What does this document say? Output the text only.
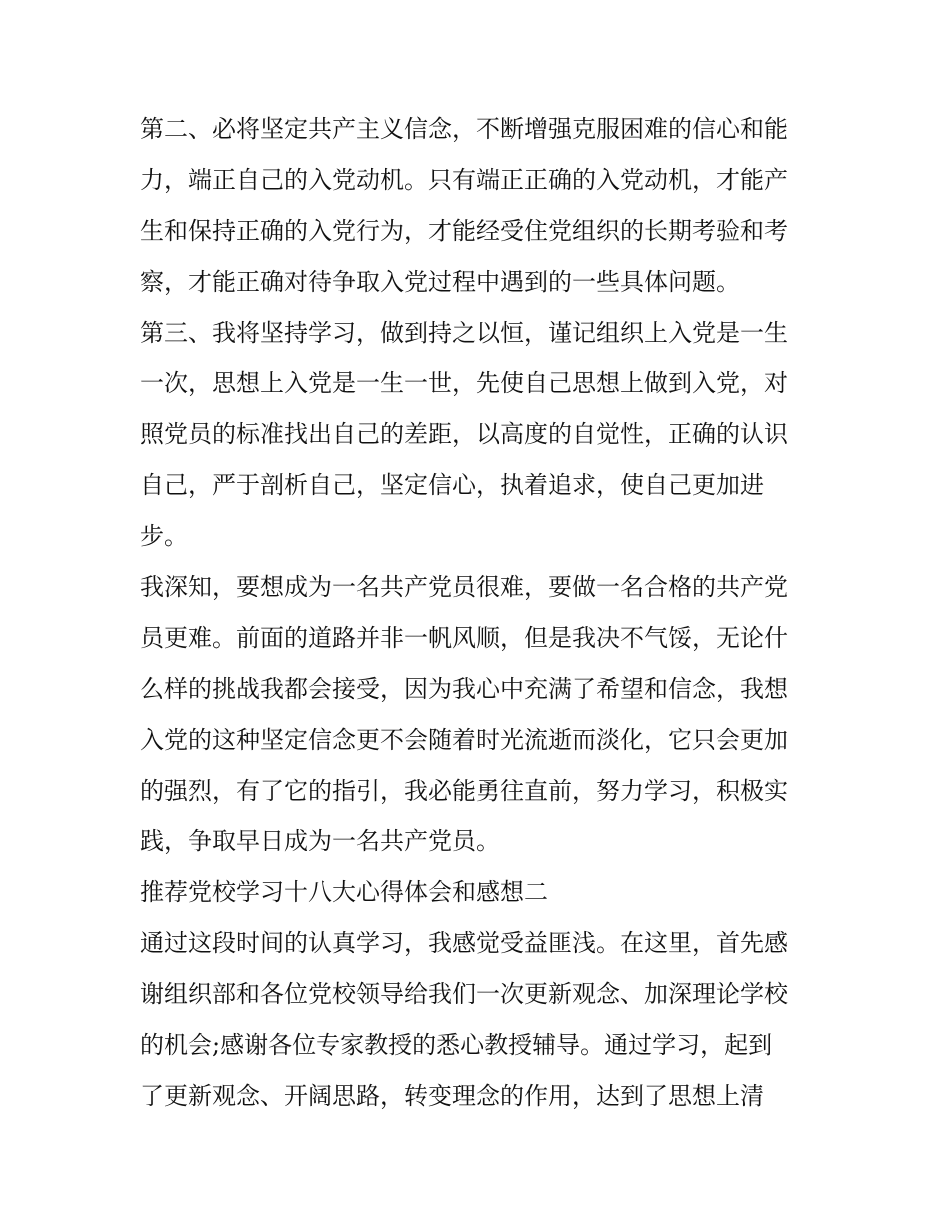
第二、必将坚定共产主义信念，不断增强克服困难的信心和能
力，端正自己的入党动机。只有端正正确的入党动机，才能产
生和保持正确的入党行为，才能经受住党组织的长期考验和考
察，才能正确对待争取入党过程中遇到的一些具体问题。
第三、我将坚持学习，做到持之以恒，谨记组织上入党是一生
一次，思想上入党是一生一世，先使自己思想上做到入党，对
照党员的标准找出自己的差距，以高度的自觉性，正确的认识
自己，严于剖析自己，坚定信心，执着追求，使自己更加进
步。
我深知，要想成为一名共产党员很难，要做一名合格的共产党
员更难。前面的道路并非一帆风顺，但是我决不气馁，无论什
么样的挑战我都会接受，因为我心中充满了希望和信念，我想
入党的这种坚定信念更不会随着时光流逝而淡化，它只会更加
的强烈，有了它的指引，我必能勇往直前，努力学习，积极实
践，争取早日成为一名共产党员。
推荐党校学习十八大心得体会和感想二
通过这段时间的认真学习，我感觉受益匪浅。在这里，首先感
谢组织部和各位党校领导给我们一次更新观念、加深理论学校
的机会;感谢各位专家教授的悉心教授辅导。通过学习，起到
了更新观念、开阔思路，转变理念的作用，达到了思想上清
